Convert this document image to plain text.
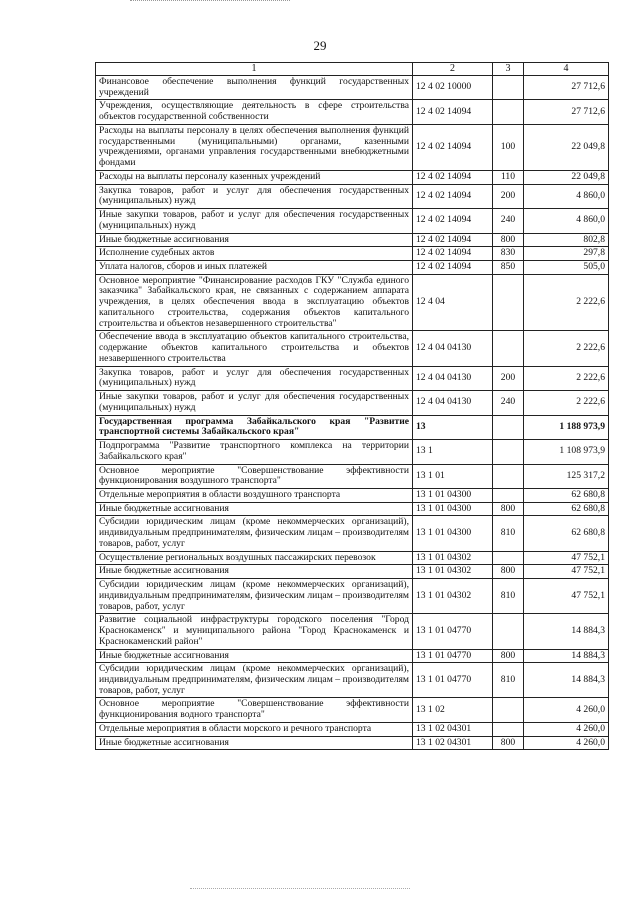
29
1	2	3	4
Финансовое обеспечение выполнения функций государственных учреждений	12 4 02 10000		27 712,6
Учреждения, осуществляющие деятельность в сфере строительства объектов государственной собственности	12 4 02 14094		27 712,6
Расходы на выплаты персоналу в целях обеспечения выполнения функций государственными (муниципальными) органами, казенными учреждениями, органами управления государственными внебюджетными фондами	12 4 02 14094	100	22 049,8
Расходы на выплаты персоналу казенных учреждений	12 4 02 14094	110	22 049,8
Закупка товаров, работ и услуг для обеспечения государственных (муниципальных) нужд	12 4 02 14094	200	4 860,0
Иные закупки товаров, работ и услуг для обеспечения государственных (муниципальных) нужд	12 4 02 14094	240	4 860,0
Иные бюджетные ассигнования	12 4 02 14094	800	802,8
Исполнение судебных актов	12 4 02 14094	830	297,8
Уплата налогов, сборов и иных платежей	12 4 02 14094	850	505,0
Основное мероприятие "Финансирование расходов ГКУ "Служба единого заказчика" Забайкальского края, не связанных с содержанием аппарата учреждения, в целях обеспечения ввода в эксплуатацию объектов капитального строительства, содержания объектов капитального строительства и объектов незавершенного строительства"	12 4 04		2 222,6
Обеспечение ввода в эксплуатацию объектов капитального строительства, содержание объектов капитального строительства и объектов незавершенного строительства	12 4 04 04130		2 222,6
Закупка товаров, работ и услуг для обеспечения государственных (муниципальных) нужд	12 4 04 04130	200	2 222,6
Иные закупки товаров, работ и услуг для обеспечения государственных (муниципальных) нужд	12 4 04 04130	240	2 222,6
Государственная программа Забайкальского края "Развитие транспортной системы Забайкальского края"	13		1 188 973,9
Подпрограмма "Развитие транспортного комплекса на территории Забайкальского края"	13 1		1 108 973,9
Основное мероприятие "Совершенствование эффективности функционирования воздушного транспорта"	13 1 01		125 317,2
Отдельные мероприятия в области воздушного транспорта	13 1 01 04300		62 680,8
Иные бюджетные ассигнования	13 1 01 04300	800	62 680,8
Субсидии юридическим лицам (кроме некоммерческих организаций), индивидуальным предпринимателям, физическим лицам – производителям товаров, работ, услуг	13 1 01 04300	810	62 680,8
Осуществление региональных воздушных пассажирских перевозок	13 1 01 04302		47 752,1
Иные бюджетные ассигнования	13 1 01 04302	800	47 752,1
Субсидии юридическим лицам (кроме некоммерческих организаций), индивидуальным предпринимателям, физическим лицам – производителям товаров, работ, услуг	13 1 01 04302	810	47 752,1
Развитие социальной инфраструктуры городского поселения "Город Краснокаменск" и муниципального района "Город Краснокаменск и Краснокаменский район"	13 1 01 04770		14 884,3
Иные бюджетные ассигнования	13 1 01 04770	800	14 884,3
Субсидии юридическим лицам (кроме некоммерческих организаций), индивидуальным предпринимателям, физическим лицам – производителям товаров, работ, услуг	13 1 01 04770	810	14 884,3
Основное мероприятие "Совершенствование эффективности функционирования водного транспорта"	13 1 02		4 260,0
Отдельные мероприятия в области морского и речного транспорта	13 1 02 04301		4 260,0
Иные бюджетные ассигнования	13 1 02 04301	800	4 260,0
